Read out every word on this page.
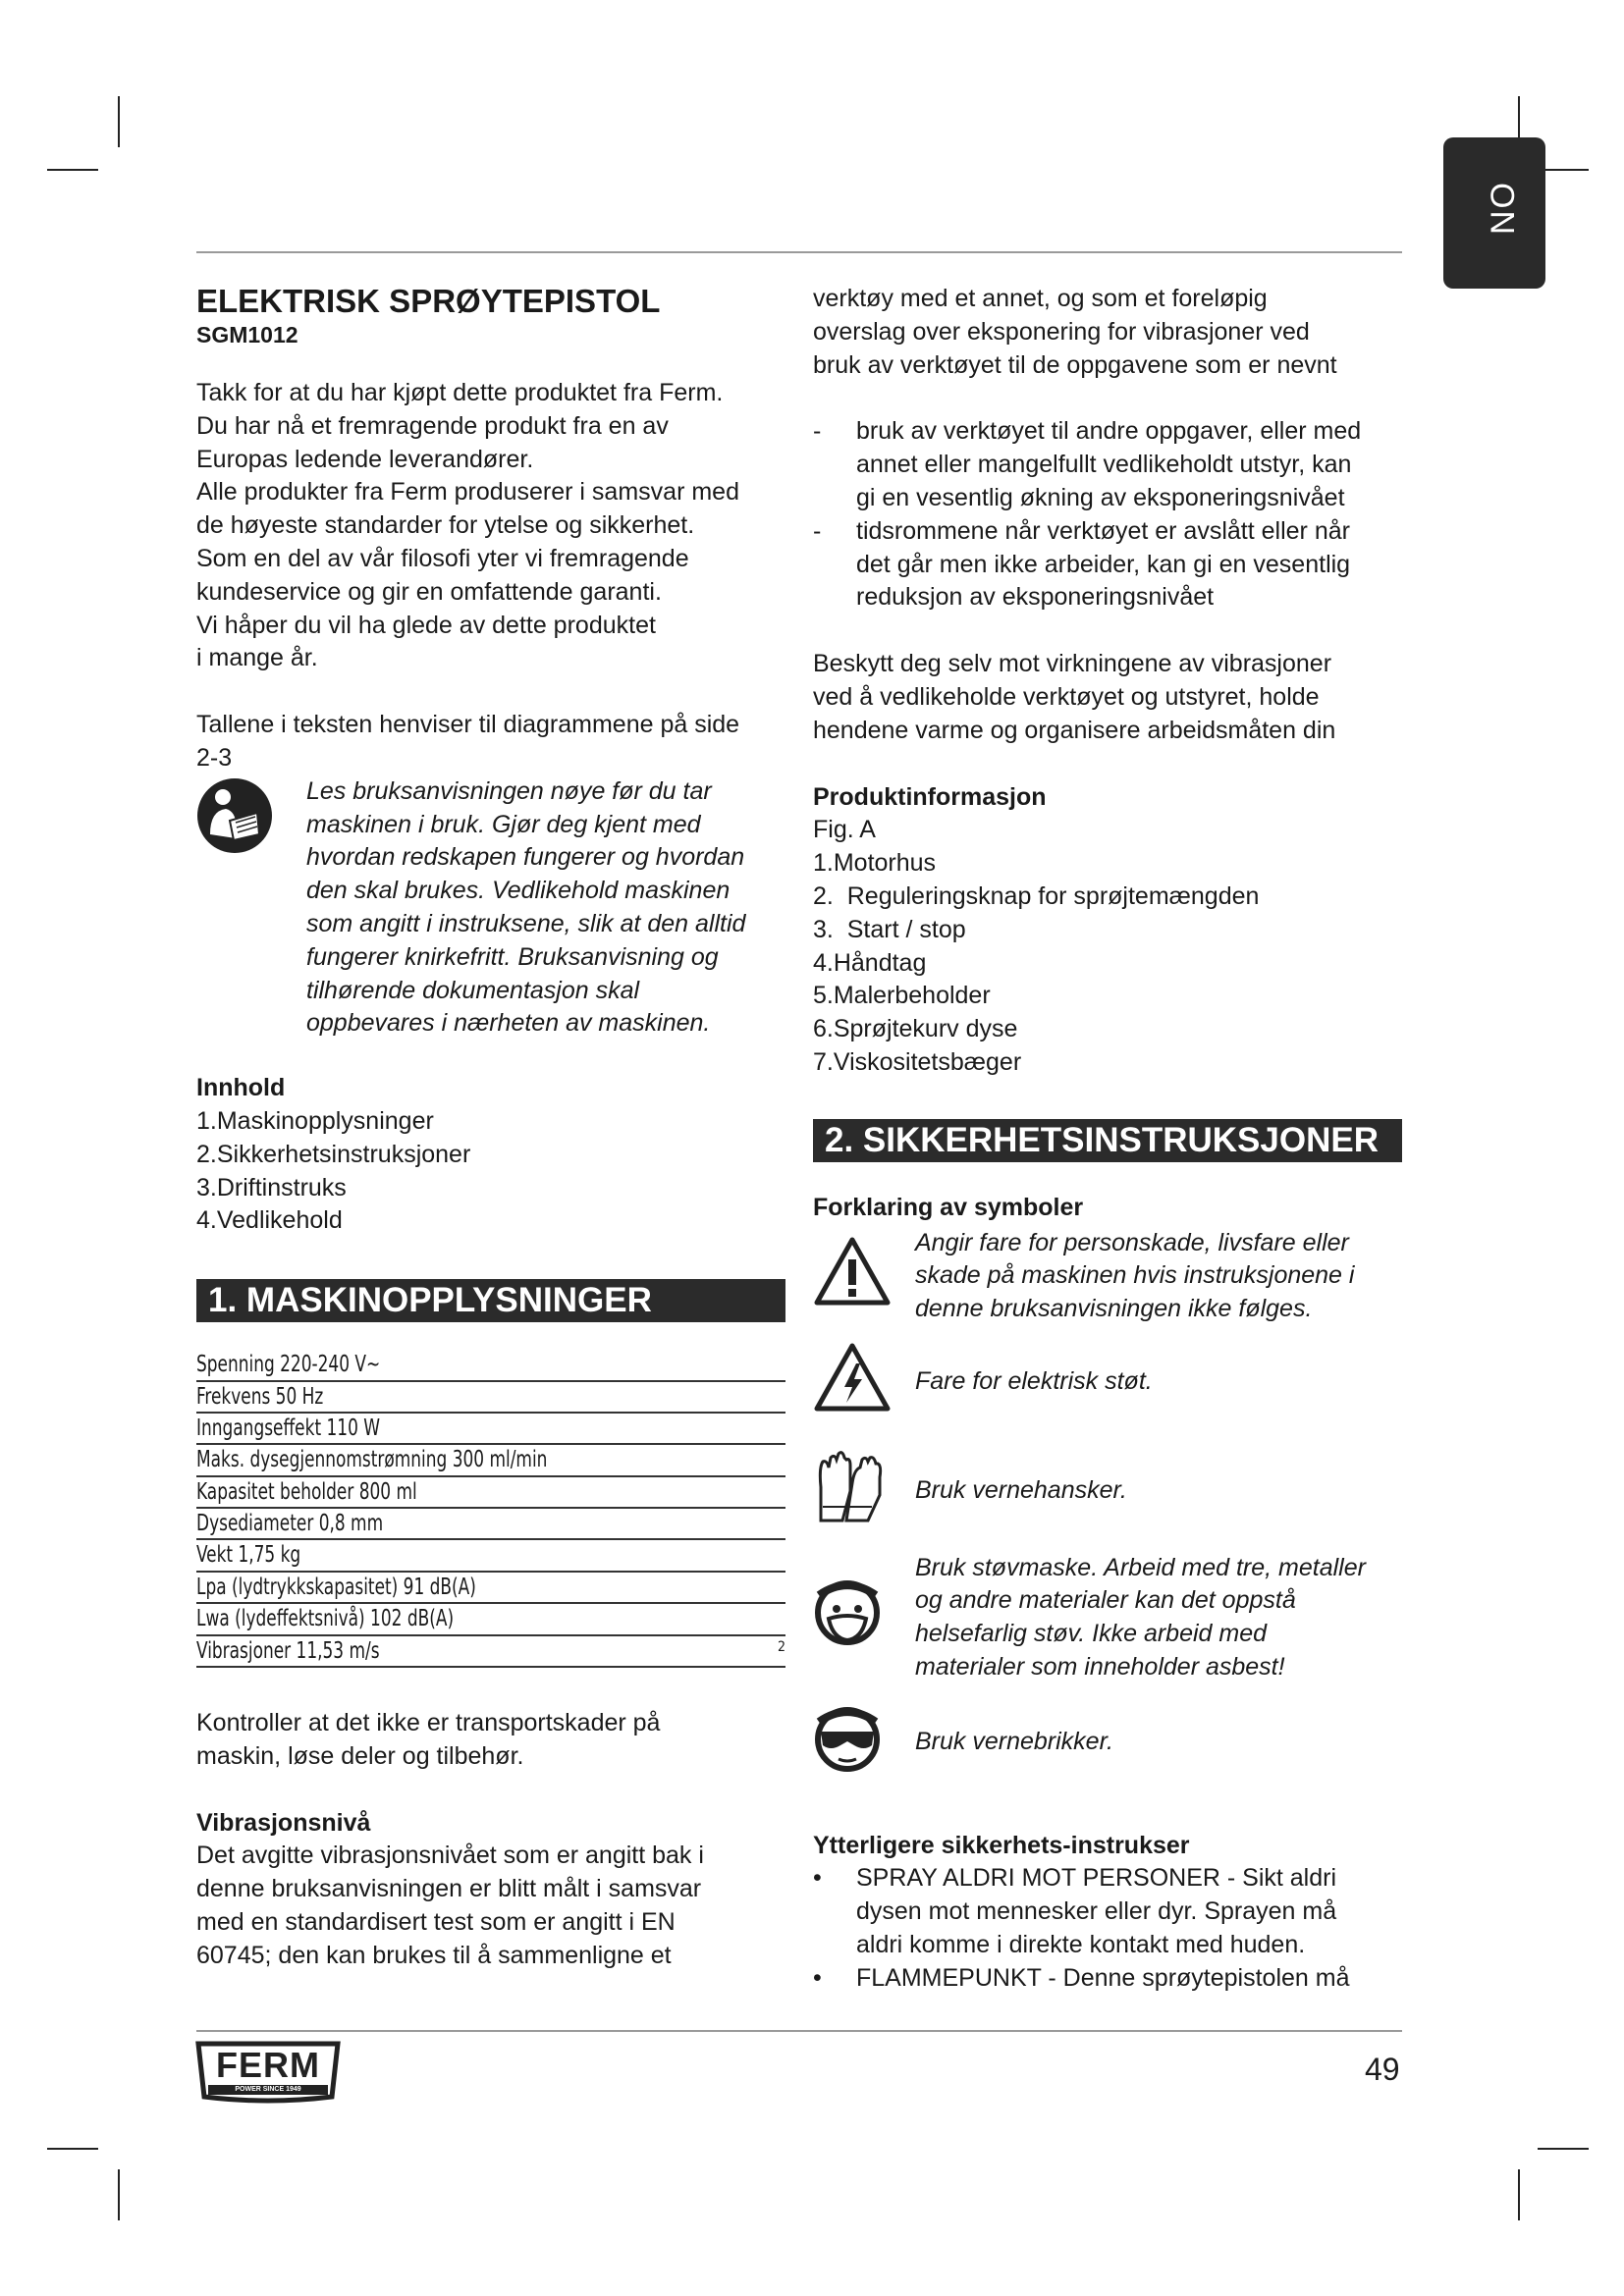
NO

ELEKTRISK SPRØYTEPISTOL

SGM1012

Takk for at du har kjøpt dette produktet fra Ferm.

Du har nå et fremragende produkt fra en av

Europas ledende leverandører.

Alle produkter fra Ferm produserer i samsvar med

de høyeste standarder for ytelse og sikkerhet.

Som en del av vår filosofi yter vi fremragende

kundeservice og gir en omfattende garanti.

Vi håper du vil ha glede av dette produktet

i mange år.

Tallene i teksten henviser til diagrammene på side

2-3

Les bruksanvisningen nøye før du tar

maskinen i bruk. Gjør deg kjent med

hvordan redskapen fungerer og hvordan

den skal brukes. Vedlikehold maskinen

som angitt i instruksene, slik at den alltid

fungerer knirkefritt. Bruksanvisning og

tilhørende dokumentasjon skal

oppbevares i nærheten av maskinen.

Innhold

1.Maskinopplysninger

2.Sikkerhetsinstruksjoner

3.Driftinstruks

4.Vedlikehold

1. MASKINOPPLYSNINGER
Spenning 220-240 V~
Frekvens 50 Hz
Inngangseffekt 110 W
Maks. dysegjennomstrømning 300 ml/min
Kapasitet beholder 800 ml
Dysediameter 0,8 mm
Vekt 1,75 kg
Lpa (lydtrykkskapasitet) 91 dB(A)
Lwa (lydeffektsnivå) 102 dB(A)
Vibrasjoner 11,53 m/s	2

Kontroller at det ikke er transportskader på

maskin, løse deler og tilbehør.

Vibrasjonsnivå

Det avgitte vibrasjonsnivået som er angitt bak i

denne bruksanvisningen er blitt målt i samsvar

med en standardisert test som er angitt i EN

60745; den kan brukes til å sammenligne et

verktøy med et annet, og som et foreløpig

overslag over eksponering for vibrasjoner ved

bruk av verktøyet til de oppgavene som er nevnt

-	bruk av verktøyet til andre oppgaver, eller med

annet eller mangelfullt vedlikeholdt utstyr, kan

gi en vesentlig økning av eksponeringsnivået

-	tidsrommene når verktøyet er avslått eller når

det går men ikke arbeider, kan gi en vesentlig

reduksjon av eksponeringsnivået

Beskytt deg selv mot virkningene av vibrasjoner

ved å vedlikeholde verktøyet og utstyret, holde

hendene varme og organisere arbeidsmåten din

Produktinformasjon

Fig. A

1.Motorhus

2.  Reguleringsknap for sprøjtemængden

3.  Start / stop

4.Håndtag

5.Malerbeholder

6.Sprøjtekurv dyse

7.Viskositetsbæger

2. SIKKERHETSINSTRUKSJONER

Forklaring av symboler

Angir fare for personskade, livsfare eller

skade på maskinen hvis instruksjonene i

denne bruksanvisningen ikke følges.

Fare for elektrisk støt.

Bruk vernehansker.

Bruk støvmaske. Arbeid med tre, metaller

og andre materialer kan det oppstå

helsefarlig støv. Ikke arbeid med

materialer som inneholder asbest!

Bruk vernebrikker.

Ytterligere sikkerhets-instrukser

•	SPRAY ALDRI MOT PERSONER - Sikt aldri

dysen mot mennesker eller dyr. Sprayen må

aldri komme i direkte kontakt med huden.

•	FLAMMEPUNKT - Denne sprøytepistolen må

FERM
POWER SINCE 1949
49
